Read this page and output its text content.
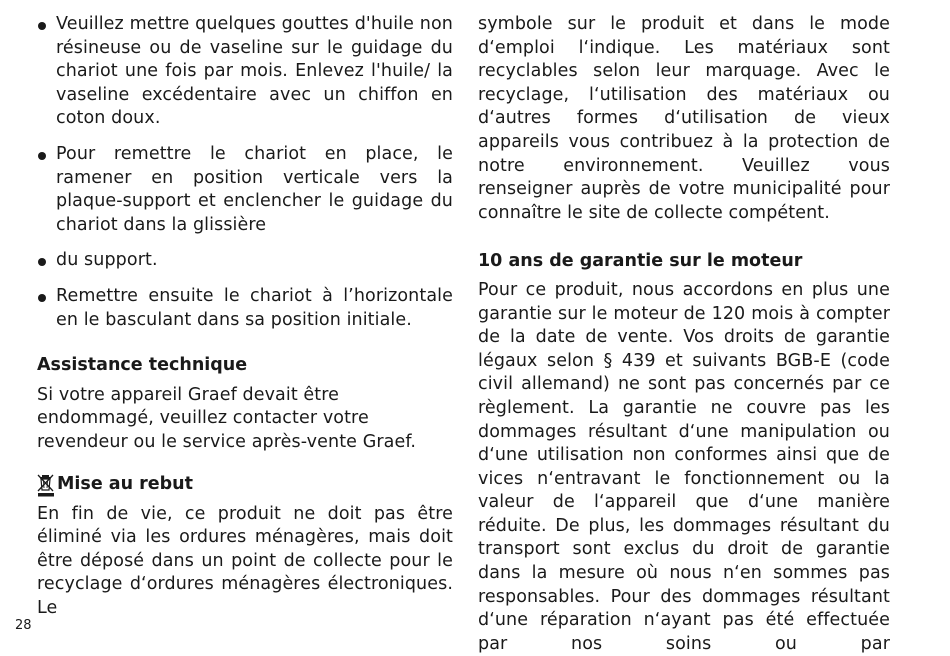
Veuillez mettre quelques gouttes d'huile non résineuse ou de vaseline sur le guidage du chariot une fois par mois. Enlevez l'huile/ la vaseline excédentaire avec un chiffon en coton doux.
Pour remettre le chariot en place, le ramener en position verticale vers la plaque-support et enclencher le guidage du chariot dans la glissière
du support.
Remettre ensuite le chariot à l’horizontale en le basculant dans sa position initiale.
Assistance technique

Si votre appareil Graef devait être endommagé, veuillez contacter votre revendeur ou le service après-vente Graef.

Mise au rebut

En fin de vie, ce produit ne doit pas être éliminé via les ordures ménagères, mais doit être déposé dans un point de collecte pour le recyclage d‘ordures ménagères électroniques. Le

symbole sur le produit et dans le mode d‘emploi l‘indique. Les matériaux sont recyclables selon leur marquage. Avec le recyclage, l‘utilisation des matériaux ou d‘autres formes d‘utilisation de vieux appareils vous contribuez à la protection de notre environnement. Veuillez vous renseigner auprès de votre municipalité pour connaître le site de collecte compétent.

10 ans de garantie sur le moteur

Pour ce produit, nous accordons en plus une garantie sur le moteur de 120 mois à compter de la date de vente. Vos droits de garantie légaux selon § 439 et suivants BGB-E (code civil allemand) ne sont pas concernés par ce règlement. La garantie ne couvre pas les dommages résultant d‘une manipulation ou d‘une utilisation non conformes ainsi que de vices n‘entravant le fonctionnement ou la valeur de l‘appareil que d‘une manière réduite. De plus, les dommages résultant du transport sont exclus du droit de garantie dans la mesure où nous n‘en sommes pas responsables. Pour des dommages résultant d‘une réparation n‘ayant pas été effectuée par nos soins ou par

28
